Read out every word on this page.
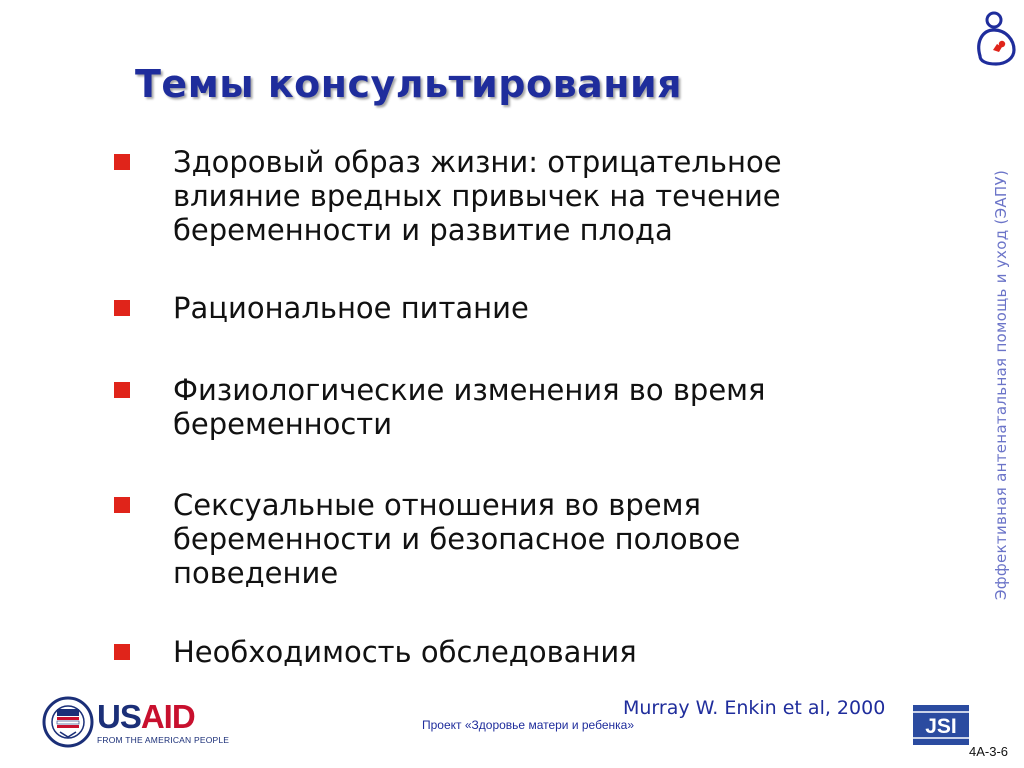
Темы консультирования
Здоровый образ жизни: отрицательное
влияние вредных привычек на течение
беременности и развитие плода
Рациональное питание
Физиологические изменения во время
беременности
Сексуальные отношения во время
беременности и безопасное половое
поведение
Необходимость обследования
Эффективная антенатальная помощь и уход (ЭАПУ)
Murray W. Enkin et al, 2000
Проект «Здоровье матери и ребенка»
4A-3-6
USAID
FROM THE AMERICAN PEOPLE
JSI
